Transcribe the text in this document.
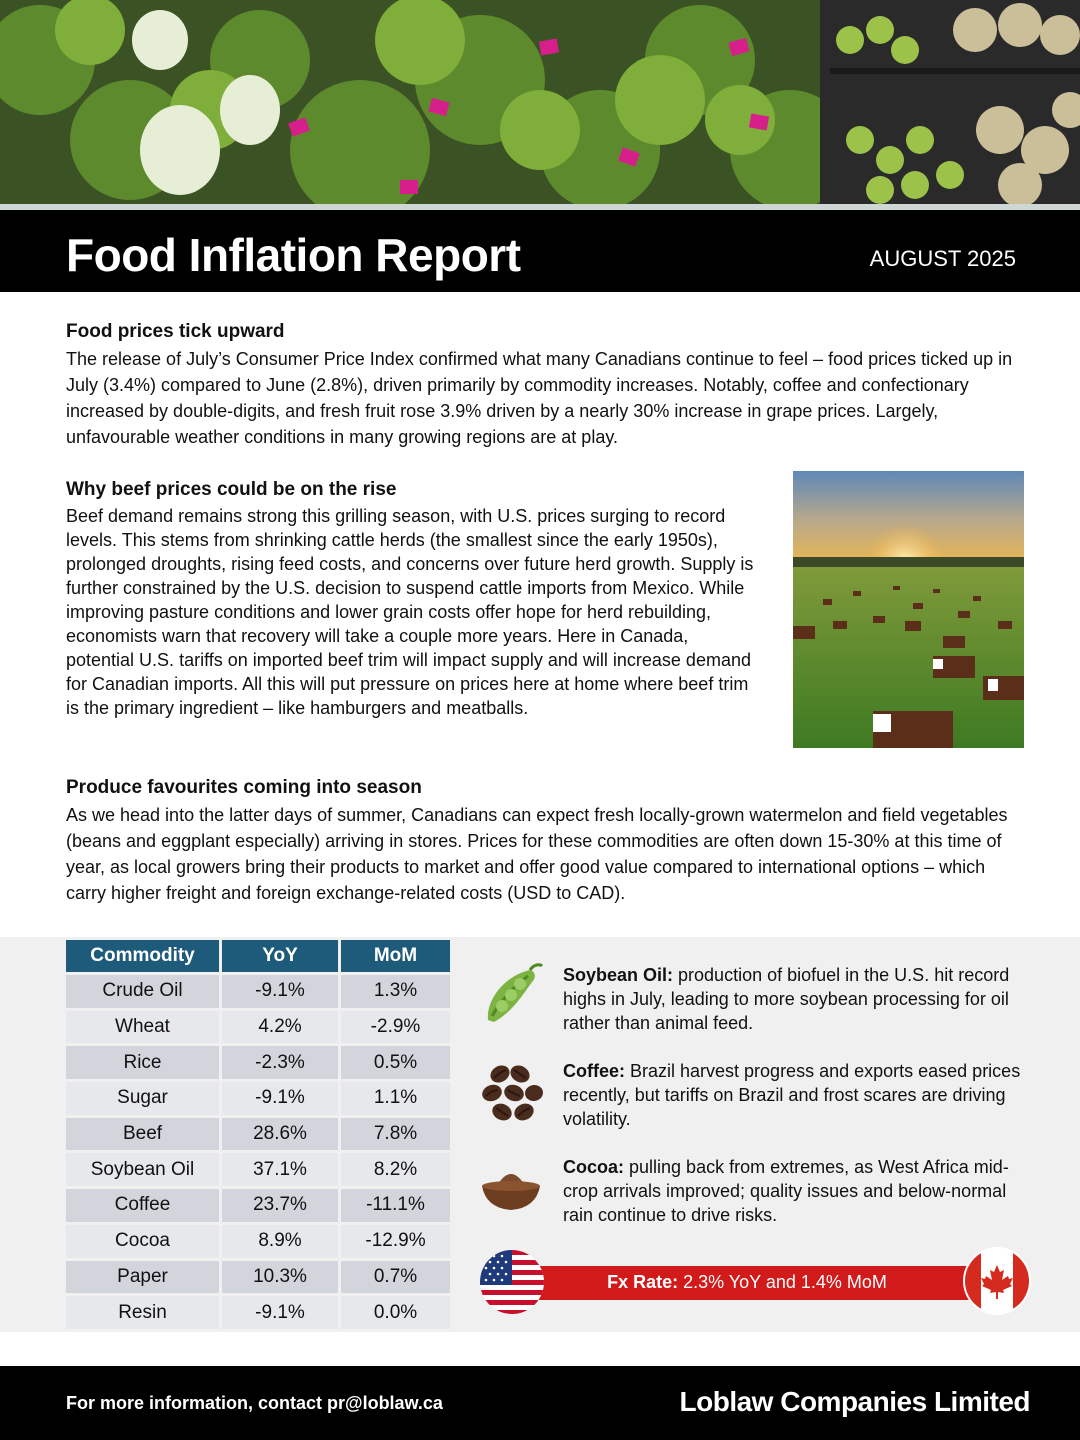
Food Inflation Report	AUGUST 2025
Food prices tick upward

The release of July’s Consumer Price Index confirmed what many Canadians continue to feel – food prices ticked up in July (3.4%) compared to June (2.8%), driven primarily by commodity increases. Notably, coffee and confectionary increased by double-digits, and fresh fruit rose 3.9% driven by a nearly 30% increase in grape prices. Largely, unfavourable weather conditions in many growing regions are at play.

Why beef prices could be on the rise

Beef demand remains strong this grilling season, with U.S. prices surging to record levels. This stems from shrinking cattle herds (the smallest since the early 1950s), prolonged droughts, rising feed costs, and concerns over future herd growth. Supply is further constrained by the U.S. decision to suspend cattle imports from Mexico. While improving pasture conditions and lower grain costs offer hope for herd rebuilding, economists warn that recovery will take a couple more years. Here in Canada, potential U.S. tariffs on imported beef trim will impact supply and will increase demand for Canadian imports. All this will put pressure on prices here at home where beef trim is the primary ingredient – like hamburgers and meatballs.

Produce favourites coming into season

As we head into the latter days of summer, Canadians can expect fresh locally-grown watermelon and field vegetables (beans and eggplant especially) arriving in stores. Prices for these commodities are often down 15-30% at this time of year, as local growers bring their products to market and offer good value compared to international options – which carry higher freight and foreign exchange-related costs (USD to CAD).

Commodity	YoY	MoM
Crude Oil	-9.1%	1.3%
Wheat	4.2%	-2.9%
Rice	-2.3%	0.5%
Sugar	-9.1%	1.1%
Beef	28.6%	7.8%
Soybean Oil	37.1%	8.2%
Coffee	23.7%	-11.1%
Cocoa	8.9%	-12.9%
Paper	10.3%	0.7%
Resin	-9.1%	0.0%
Soybean Oil: production of biofuel in the U.S. hit record highs in July, leading to more soybean processing for oil rather than animal feed.
Coffee: Brazil harvest progress and exports eased prices recently, but tariffs on Brazil and frost scares are driving volatility.
Cocoa: pulling back from extremes, as West Africa mid-crop arrivals improved; quality issues and below-normal rain continue to drive risks.
Fx Rate: 2.3% YoY and 1.4% MoM
For more information, contact pr@loblaw.ca	Loblaw Companies Limited
